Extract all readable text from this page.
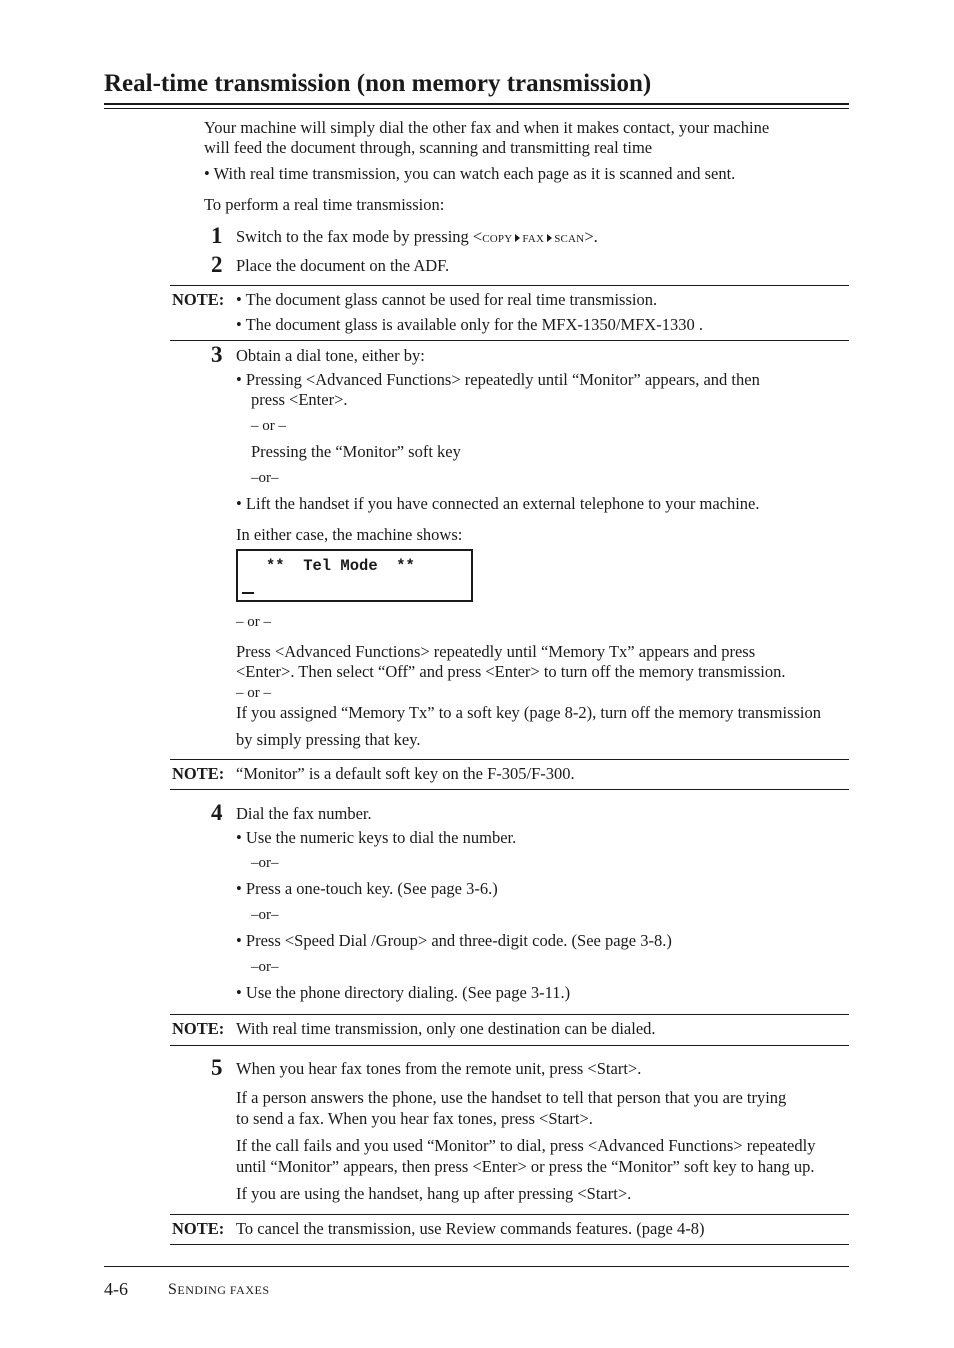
Real-time transmission (non memory transmission)
Your machine will simply dial the other fax and when it makes contact, your machine
will feed the document through, scanning and transmitting real time
• With real time transmission, you can watch each page as it is scanned and sent.
To perform a real time transmission:
1 Switch to the fax mode by pressing <COPY FAX SCAN>.
2 Place the document on the ADF.
NOTE: • The document glass cannot be used for real time transmission.
• The document glass is available only for the MFX-1350/MFX-1330 .
3 Obtain a dial tone, either by:
• Pressing <Advanced Functions> repeatedly until “Monitor” appears, and then
press <Enter>.
– or –
Pressing the “Monitor” soft key
–or–
• Lift the handset if you have connected an external telephone to your machine.
In either case, the machine shows:
**  Tel Mode  **
– or –
Press <Advanced Functions> repeatedly until “Memory Tx” appears and press
<Enter>. Then select “Off” and press <Enter> to turn off the memory transmission.
– or –
If you assigned “Memory Tx” to a soft key (page 8-2), turn off the memory transmission
by simply pressing that key.
NOTE: “Monitor” is a default soft key on the F-305/F-300.
4 Dial the fax number.
• Use the numeric keys to dial the number.
–or–
• Press a one-touch key. (See page 3-6.)
–or–
• Press <Speed Dial /Group> and three-digit code. (See page 3-8.)
–or–
• Use the phone directory dialing. (See page 3-11.)
NOTE: With real time transmission, only one destination can be dialed.
5 When you hear fax tones from the remote unit, press <Start>.
If a person answers the phone, use the handset to tell that person that you are trying
to send a fax. When you hear fax tones, press <Start>.
If the call fails and you used “Monitor” to dial, press <Advanced Functions> repeatedly
until “Monitor” appears, then press <Enter> or press the “Monitor” soft key to hang up.
If you are using the handset, hang up after pressing <Start>.
NOTE: To cancel the transmission, use Review commands features. (page 4-8)
4-6	SENDING FAXES
